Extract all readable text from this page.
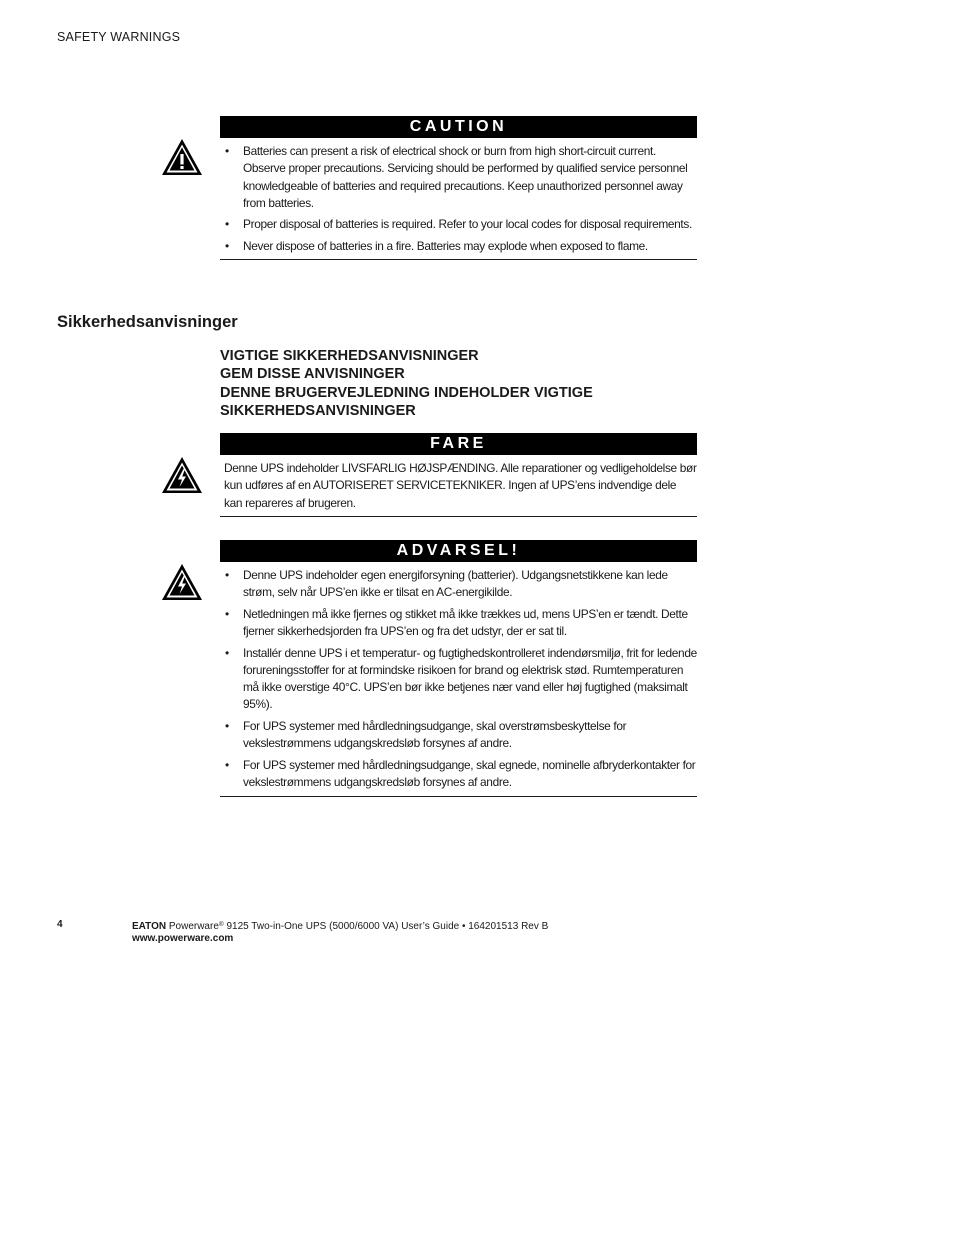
SAFETY WARNINGS
CAUTION
• Batteries can present a risk of electrical shock or burn from high short-circuit current. Observe proper precautions. Servicing should be performed by qualified service personnel knowledgeable of batteries and required precautions. Keep unauthorized personnel away from batteries.
• Proper disposal of batteries is required. Refer to your local codes for disposal requirements.
• Never dispose of batteries in a fire. Batteries may explode when exposed to flame.
Sikkerhedsanvisninger
VIGTIGE SIKKERHEDSANVISNINGER
GEM DISSE ANVISNINGER
DENNE BRUGERVEJLEDNING INDEHOLDER VIGTIGE
SIKKERHEDSANVISNINGER
FARE
Denne UPS indeholder LIVSFARLIG HØJSPÆNDING. Alle reparationer og vedligeholdelse bør kun udføres af en AUTORISERET SERVICETEKNIKER. Ingen af UPS’ens indvendige dele kan repareres af brugeren.
ADVARSEL!
• Denne UPS indeholder egen energiforsyning (batterier). Udgangsnetstikkene kan lede strøm, selv når UPS’en ikke er tilsat en AC-energikilde.
• Netledningen må ikke fjernes og stikket må ikke trækkes ud, mens UPS’en er tændt. Dette fjerner sikkerhedsjorden fra UPS’en og fra det udstyr, der er sat til.
• Installér denne UPS i et temperatur- og fugtighedskontrolleret indendørsmiljø, frit for ledende forureningsstoffer for at formindske risikoen for brand og elektrisk stød. Rumtemperaturen må ikke overstige 40°C. UPS’en bør ikke betjenes nær vand eller høj fugtighed (maksimalt 95%).
• For UPS systemer med hårdledningsudgange, skal overstrømsbeskyttelse for vekslestrømmens udgangskredsløb forsynes af andre.
• For UPS systemer med hårdledningsudgange, skal egnede, nominelle afbryderkontakter for vekslestrømmens udgangskredsløb forsynes af andre.
4	EATON Powerware® 9125 Two-in-One UPS (5000/6000 VA) User’s Guide • 164201513 Rev B
www.powerware.com
